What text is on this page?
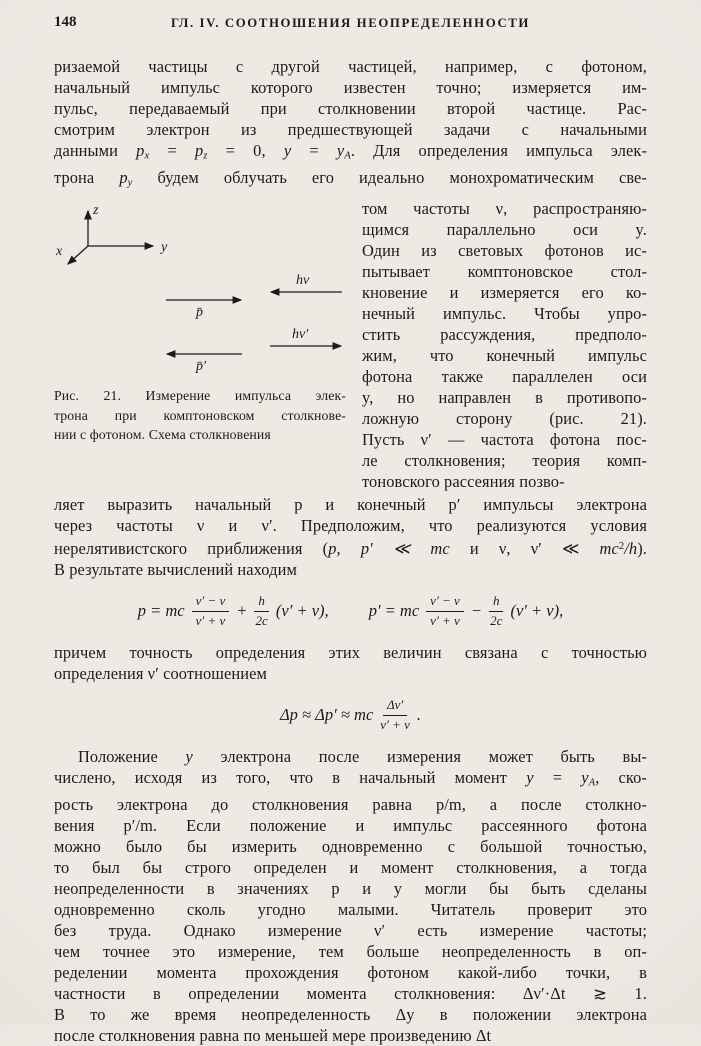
148	ГЛ. IV. СООТНОШЕНИЯ НЕОПРЕДЕЛЕННОСТИ
ризаемой частицы с другой частицей, например, с фотоном,
начальный импульс которого известен точно; измеряется им-
пульс, передаваемый при столкновении второй частице. Рас-
смотрим электрон из предшествующей задачи с начальными
данными px = pz = 0, y = yA. Для определения импульса элек-
трона py будем облучать его идеально монохроматическим све-
z
y
x
p̄
hν
p̄′
hν′
Рис. 21. Измерение импульса элек-
трона при комптоновском столкнове-
нии с фотоном. Схема столкновения
том частоты ν, распространяю-
щимся параллельно оси y.
Один из световых фотонов ис-
пытывает комптоновское стол-
кновение и измеряется его ко-
нечный импульс. Чтобы упро-
стить рассуждения, предполо-
жим, что конечный импульс
фотона также параллелен оси
y, но направлен в противопо-
ложную сторону (рис. 21).
Пусть ν′ — частота фотона пос-
ле столкновения; теория комп-
тоновского рассеяния позво-
ляет выразить начальный p и конечный p′ импульсы электрона
через частоты ν и ν′. Предположим, что реализуются условия
нерелятивистского приближения (p, p′ ≪ mc и ν, ν′ ≪ $mc^2/h$).
В результате вычислений находим
p = mc $\frac{\nu' - \nu}{\nu' + \nu} + \frac{h}{2c} (\nu' + \nu)$, p′ = mc $\frac{\nu' - \nu}{\nu' + \nu} - \frac{h}{2c} (\nu' + \nu)$,
причем точность определения этих величин связана с точностью
определения ν′ соотношением
Δp ≈ Δp′ ≈ mc $\frac{\Delta\nu'}{\nu' + \nu}$ .
Положение y электрона после измерения может быть вы-
числено, исходя из того, что в начальный момент y = yA, ско-
рость электрона до столкновения равна p/m, а после столкно-
вения p′/m. Если положение и импульс рассеянного фотона
можно было бы измерить одновременно с большой точностью,
то был бы строго определен и момент столкновения, а тогда
неопределенности в значениях p и y могли бы быть сделаны
одновременно сколь угодно малыми. Читатель проверит это
без труда. Однако измерение ν′ есть измерение частоты;
чем точнее это измерение, тем больше неопределенность в оп-
ределении момента прохождения фотоном какой-либо точки, в
частности в определении момента столкновения: Δν′·Δt ≳ 1.
В то же время неопределенность Δy в положении электрона
после столкновения равна по меньшей мере произведению Δt
